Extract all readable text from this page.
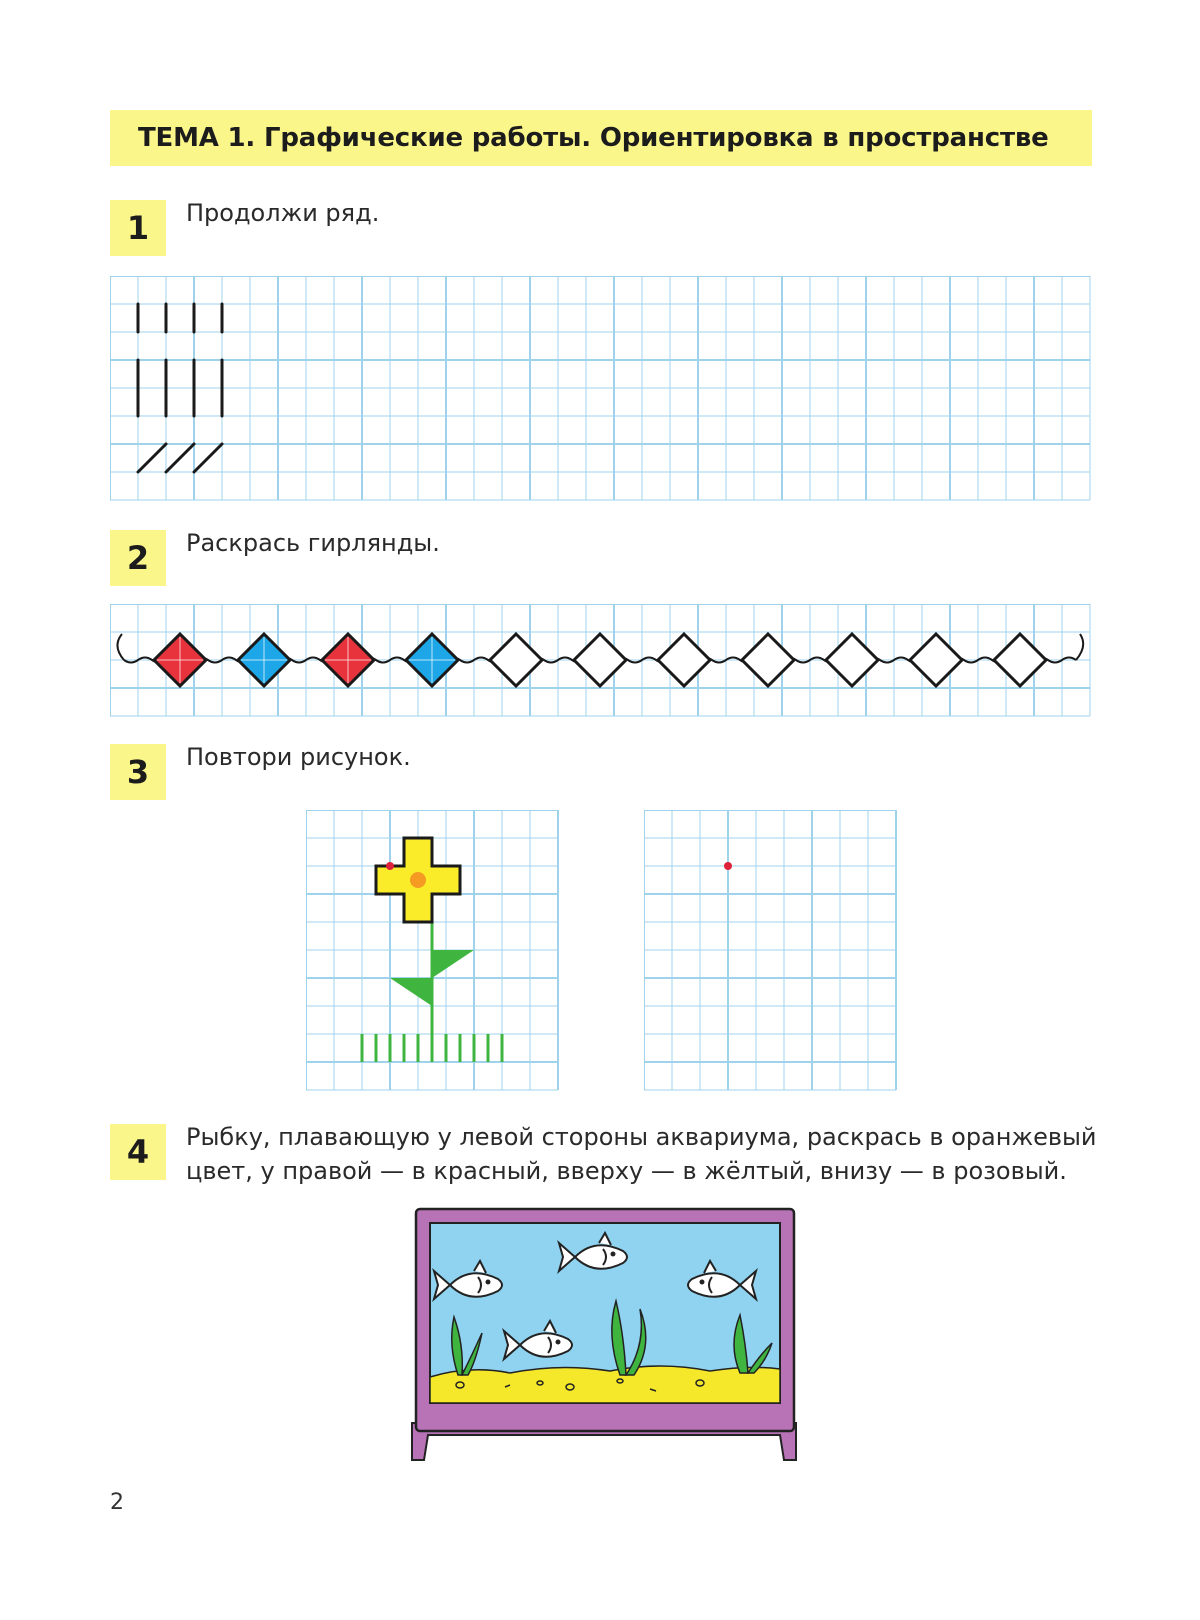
ТЕМА 1. Графические работы. Ориентировка в пространстве
1	Продолжи ряд.
2	Раскрась гирлянды.
3	Повтори рисунок.
4	Рыбку, плавающую у левой стороны аквариума, раскрась в оранжевый
цвет, у правой — в красный, вверху — в жёлтый, внизу — в розовый.
2
